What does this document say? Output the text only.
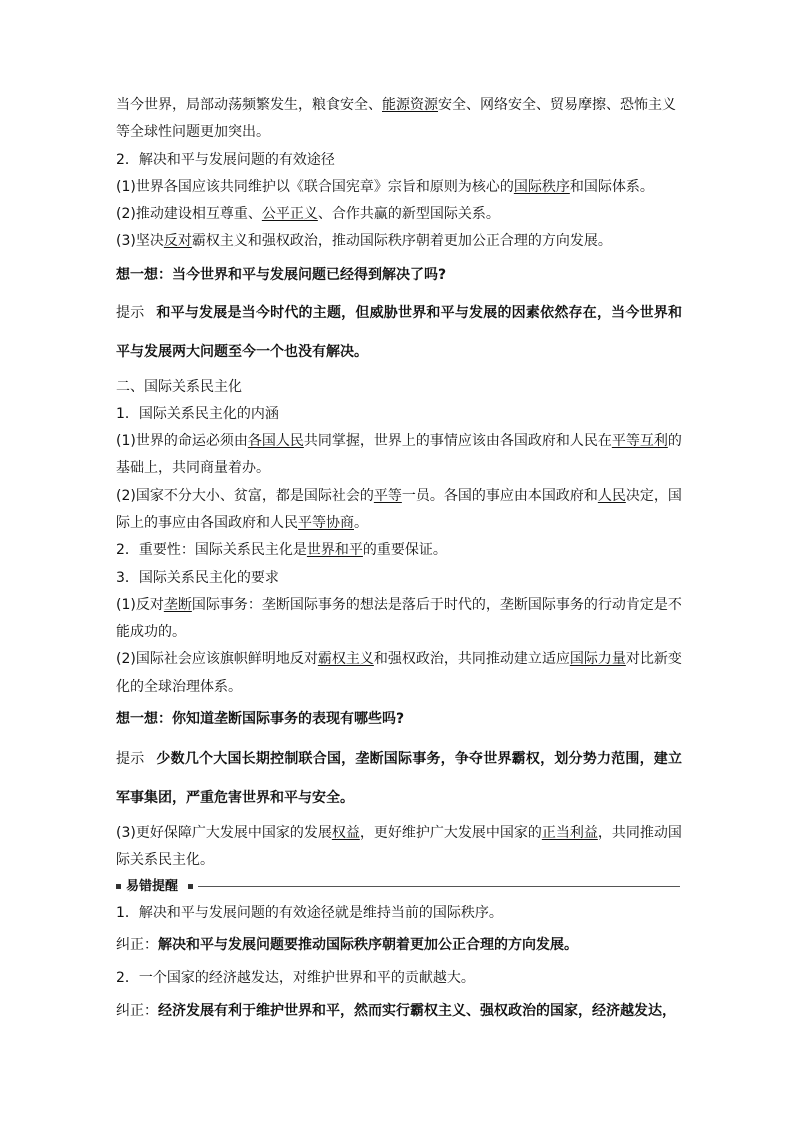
当今世界，局部动荡频繁发生，粮食安全、能源资源安全、网络安全、贸易摩擦、恐怖主义
等全球性问题更加突出。
2．解决和平与发展问题的有效途径
(1)世界各国应该共同维护以《联合国宪章》宗旨和原则为核心的国际秩序和国际体系。
(2)推动建设相互尊重、公平正义、合作共赢的新型国际关系。
(3)坚决反对霸权主义和强权政治，推动国际秩序朝着更加公正合理的方向发展。
想一想：当今世界和平与发展问题已经得到解决了吗?
提示 和平与发展是当今时代的主题，但威胁世界和平与发展的因素依然存在，当今世界和
平与发展两大问题至今一个也没有解决。
二、国际关系民主化
1．国际关系民主化的内涵
(1)世界的命运必须由各国人民共同掌握，世界上的事情应该由各国政府和人民在平等互利的
基础上，共同商量着办。
(2)国家不分大小、贫富，都是国际社会的平等一员。各国的事应由本国政府和人民决定，国
际上的事应由各国政府和人民平等协商。
2．重要性：国际关系民主化是世界和平的重要保证。
3．国际关系民主化的要求
(1)反对垄断国际事务：垄断国际事务的想法是落后于时代的，垄断国际事务的行动肯定是不
能成功的。
(2)国际社会应该旗帜鲜明地反对霸权主义和强权政治，共同推动建立适应国际力量对比新变
化的全球治理体系。
想一想：你知道垄断国际事务的表现有哪些吗?
提示 少数几个大国长期控制联合国，垄断国际事务，争夺世界霸权，划分势力范围，建立
军事集团，严重危害世界和平与安全。
(3)更好保障广大发展中国家的发展权益，更好维护广大发展中国家的正当利益，共同推动国
际关系民主化。
易错提醒
1．解决和平与发展问题的有效途径就是维持当前的国际秩序。
纠正：解决和平与发展问题要推动国际秩序朝着更加公正合理的方向发展。
2．一个国家的经济越发达，对维护世界和平的贡献越大。
纠正：经济发展有利于维护世界和平，然而实行霸权主义、强权政治的国家，经济越发达，
